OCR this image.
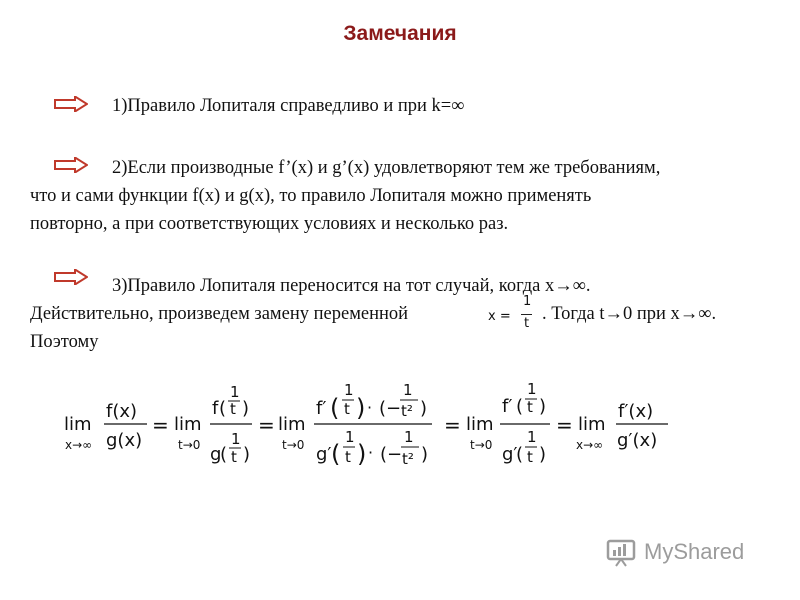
Замечания
1)Правило Лопиталя справедливо и при k=∞
2)Если производные f’(x) и g’(x) удовлетворяют тем же требованиям,
что и сами функции f(x) и g(x), то правило Лопиталя можно применять
повторно, а при соответствующих условиях и несколько раз.
3)Правило Лопиталя переносится на тот случай, когда x→∞.
Действительно, произведем замену переменной	x =
1
t . Тогда t→0 при x→∞.
Поэтому
lim
x→∞
f(x)
g(x)
= lim
t→0
f (
1
t )
g
(
1
t )
= lim
t→0
f′ (
1
t ) · ( −
1
t² )
g′ (
1
t ) · ( −
1
t² )
= lim
t→0
f′ (
1
t )
g′
(
1
t )
= lim
x→∞
f′(x)
g′(x)
MyShared
